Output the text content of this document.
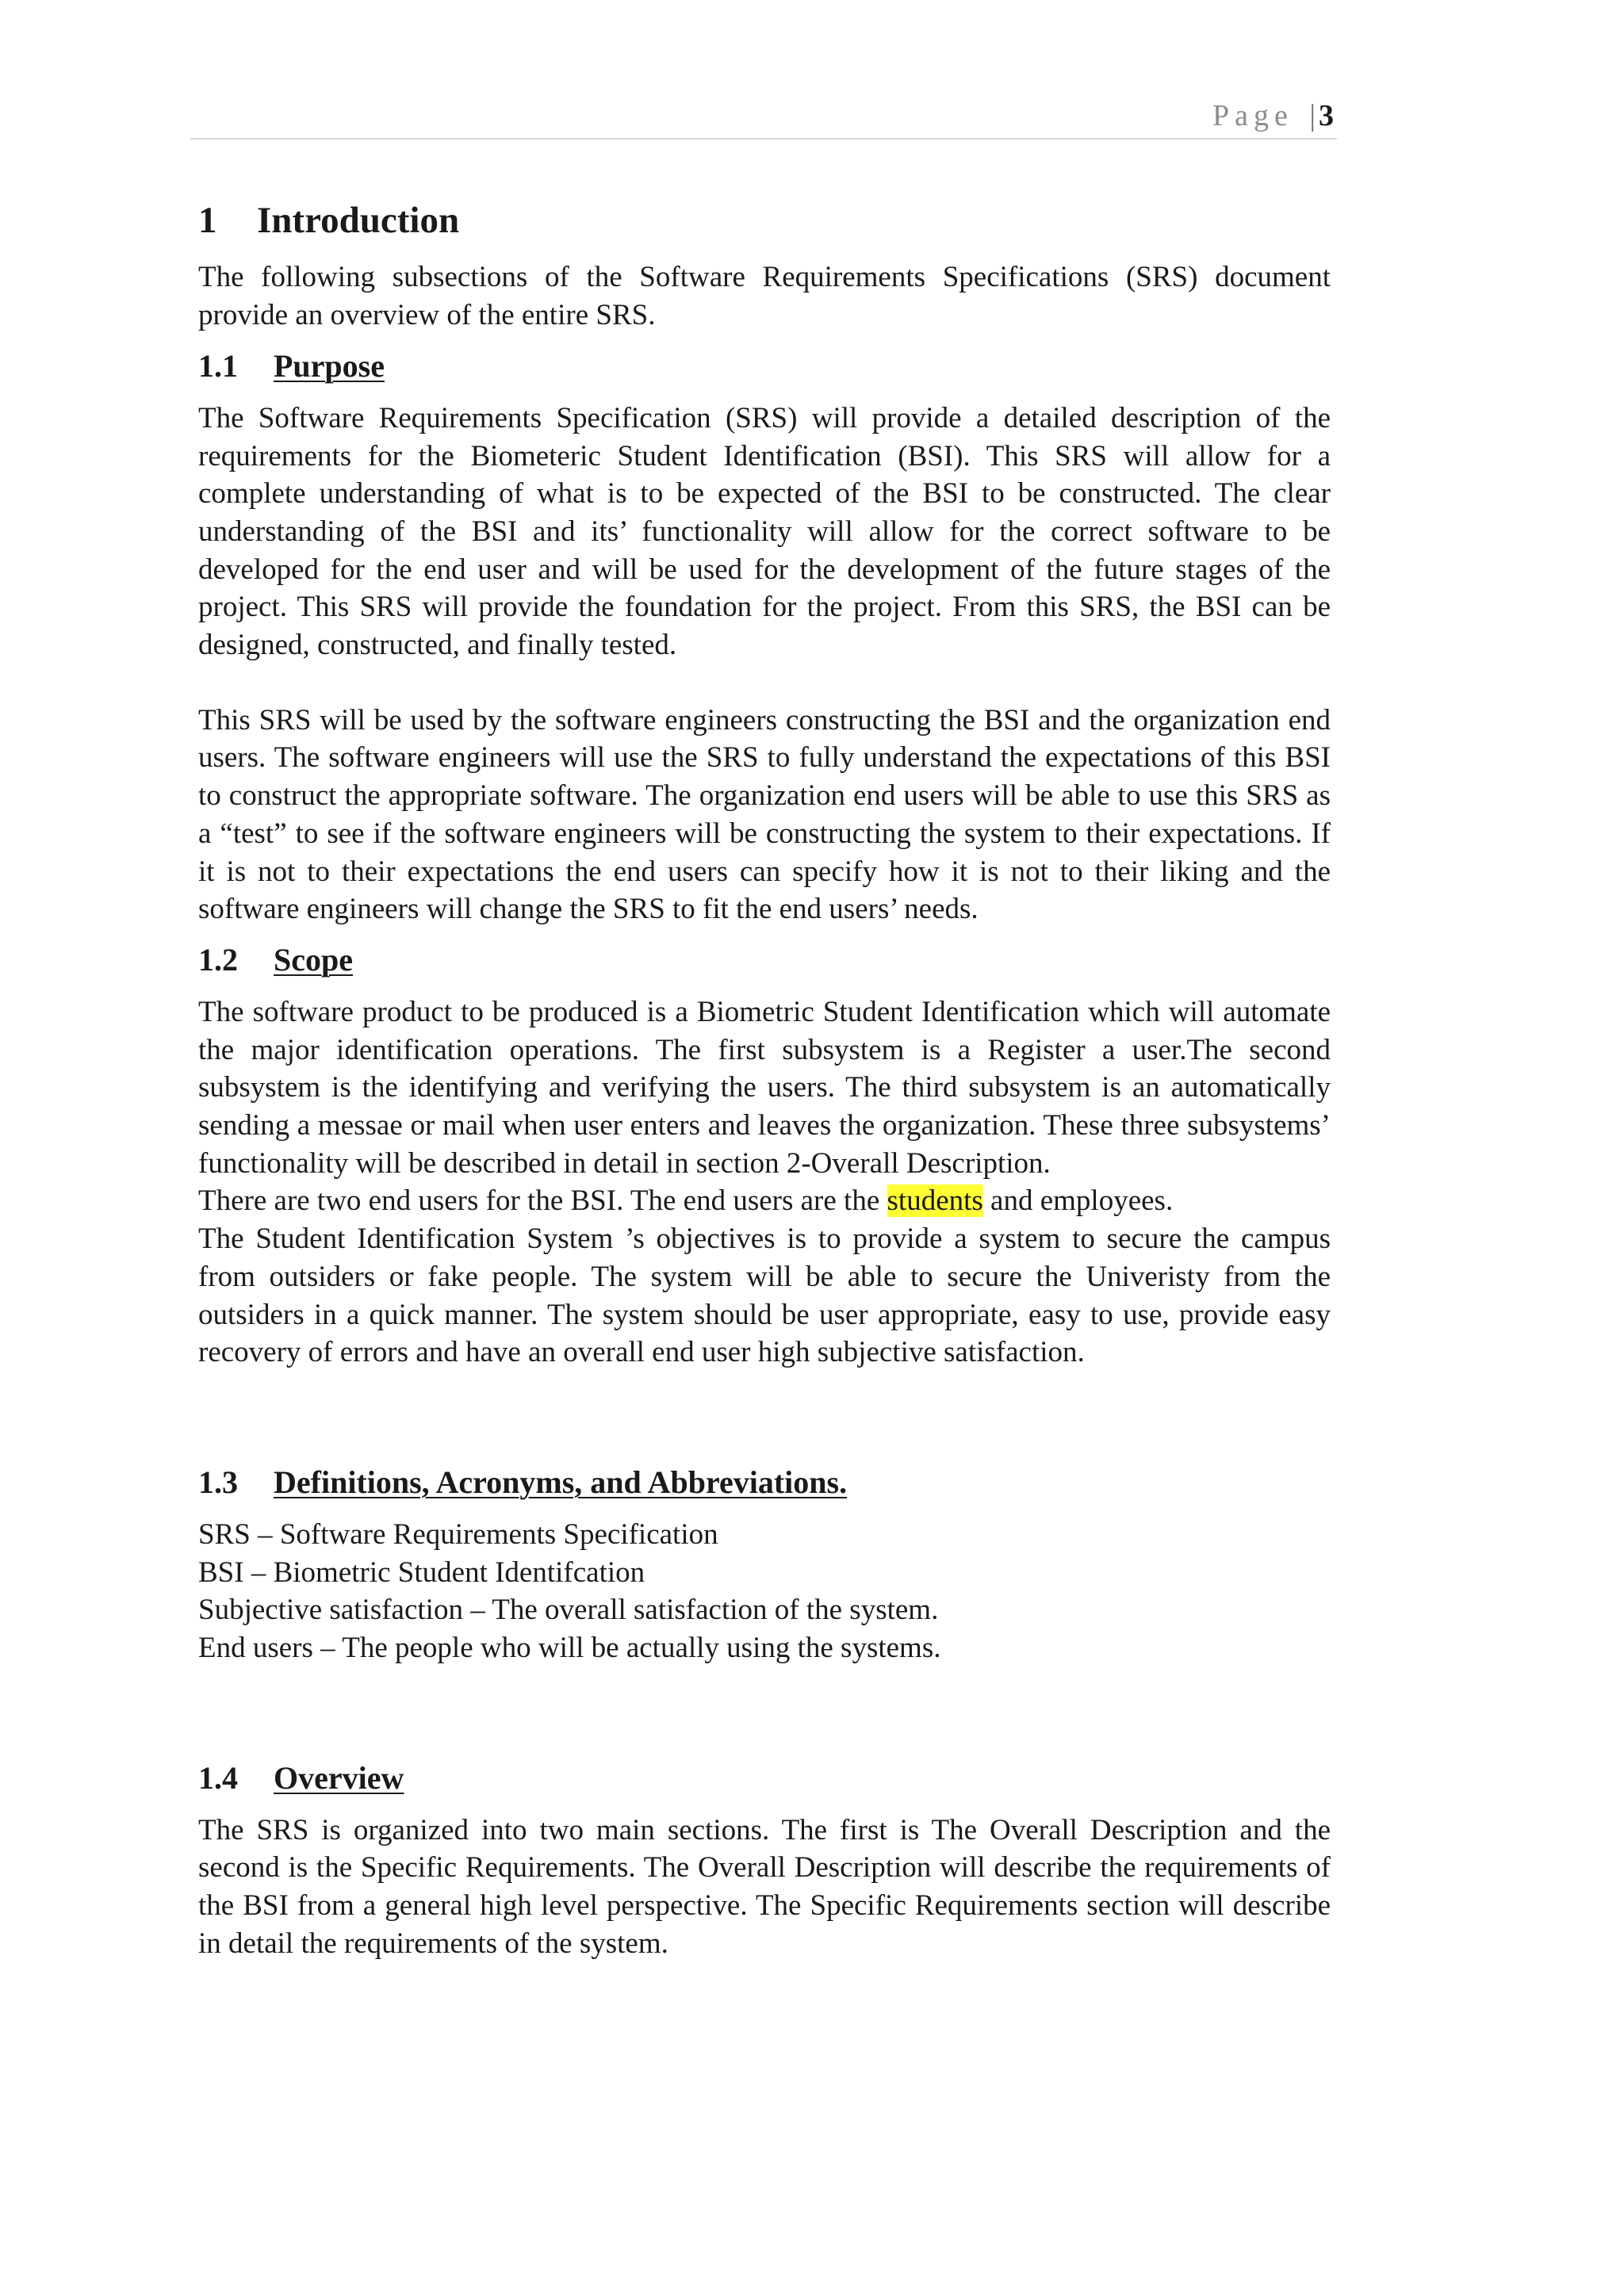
Page | 3
1 Introduction

The following subsections of the Software Requirements Specifications (SRS) document provide an overview of the entire SRS.

1.1 Purpose

The Software Requirements Specification (SRS) will provide a detailed description of the requirements for the Biometeric Student Identification (BSI). This SRS will allow for a complete understanding of what is to be expected of the BSI to be constructed. The clear understanding of the BSI and its’ functionality will allow for the correct software to be developed for the end user and will be used for the development of the future stages of the project. This SRS will provide the foundation for the project. From this SRS, the BSI can be designed, constructed, and finally tested.

This SRS will be used by the software engineers constructing the BSI and the organization end users. The software engineers will use the SRS to fully understand the expectations of this BSI to construct the appropriate software. The organization end users will be able to use this SRS as a “test” to see if the software engineers will be constructing the system to their expectations. If it is not to their expectations the end users can specify how it is not to their liking and the software engineers will change the SRS to fit the end users’ needs.

1.2 Scope

The software product to be produced is a Biometric Student Identification which will automate the major identification operations. The first subsystem is a Register a user.The second subsystem is the identifying and verifying the users. The third subsystem is an automatically sending a messae or mail when user enters and leaves the organization. These three subsystems’ functionality will be described in detail in section 2-Overall Description.

There are two end users for the BSI. The end users are the students and employees.

The Student Identification System ’s objectives is to provide a system to secure the campus from outsiders or fake people. The system will be able to secure the Univeristy from the outsiders in a quick manner. The system should be user appropriate, easy to use, provide easy recovery of errors and have an overall end user high subjective satisfaction.

1.3 Definitions, Acronyms, and Abbreviations.

SRS – Software Requirements Specification

BSI – Biometric Student Identifcation

Subjective satisfaction – The overall satisfaction of the system.

End users – The people who will be actually using the systems.

1.4 Overview

The SRS is organized into two main sections. The first is The Overall Description and the second is the Specific Requirements. The Overall Description will describe the requirements of the BSI from a general high level perspective. The Specific Requirements section will describe in detail the requirements of the system.
